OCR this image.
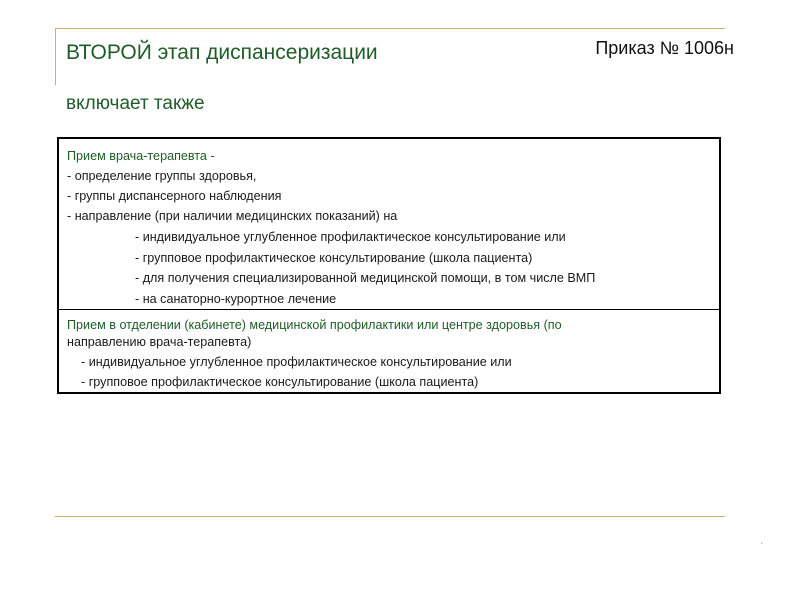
ВТОРОЙ этап диспансеризации	Приказ № 1006н
включает также
Прием врача-терапевта -
- определение группы здоровья,
- группы диспансерного наблюдения
- направление (при наличии медицинских показаний) на
- индивидуальное углубленное профилактическое консультирование или
- групповое профилактическое консультирование (школа пациента)
- для получения специализированной медицинской помощи, в том числе ВМП
- на санаторно-курортное лечение
Прием в отделении (кабинете) медицинской профилактики или центре здоровья (по
направлению врача-терапевта)
- индивидуальное углубленное профилактическое консультирование или
- групповое профилактическое консультирование (школа пациента)
.
